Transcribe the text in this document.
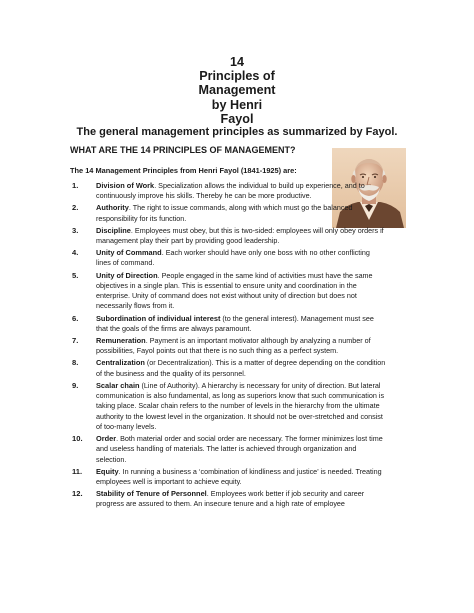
14
Principles of
Management
by Henri
Fayol
The general management principles as summarized by Fayol.
WHAT ARE THE 14 PRINCIPLES OF MANAGEMENT?
The 14 Management Principles from Henri Fayol (1841-1925) are:
1. Division of Work. Specialization allows the individual to build up experience, and to continuously improve his skills. Thereby he can be more productive.
2. Authority. The right to issue commands, along with which must go the balanced responsibility for its function.
3. Discipline. Employees must obey, but this is two-sided: employees will only obey orders if management play their part by providing good leadership.
4. Unity of Command. Each worker should have only one boss with no other conflicting lines of command.
5. Unity of Direction. People engaged in the same kind of activities must have the same objectives in a single plan. This is essential to ensure unity and coordination in the enterprise. Unity of command does not exist without unity of direction but does not necessarily flows from it.
6. Subordination of individual interest (to the general interest). Management must see that the goals of the firms are always paramount.
7. Remuneration. Payment is an important motivator although by analyzing a number of possibilities, Fayol points out that there is no such thing as a perfect system.
8. Centralization (or Decentralization). This is a matter of degree depending on the condition of the business and the quality of its personnel.
9. Scalar chain (Line of Authority). A hierarchy is necessary for unity of direction. But lateral communication is also fundamental, as long as superiors know that such communication is taking place. Scalar chain refers to the number of levels in the hierarchy from the ultimate authority to the lowest level in the organization. It should not be over-stretched and consist of too-many levels.
10. Order. Both material order and social order are necessary. The former minimizes lost time and useless handling of materials. The latter is achieved through organization and selection.
11. Equity. In running a business a ‘combination of kindliness and justice’ is needed. Treating employees well is important to achieve equity.
12. Stability of Tenure of Personnel. Employees work better if job security and career progress are assured to them. An insecure tenure and a high rate of employee
